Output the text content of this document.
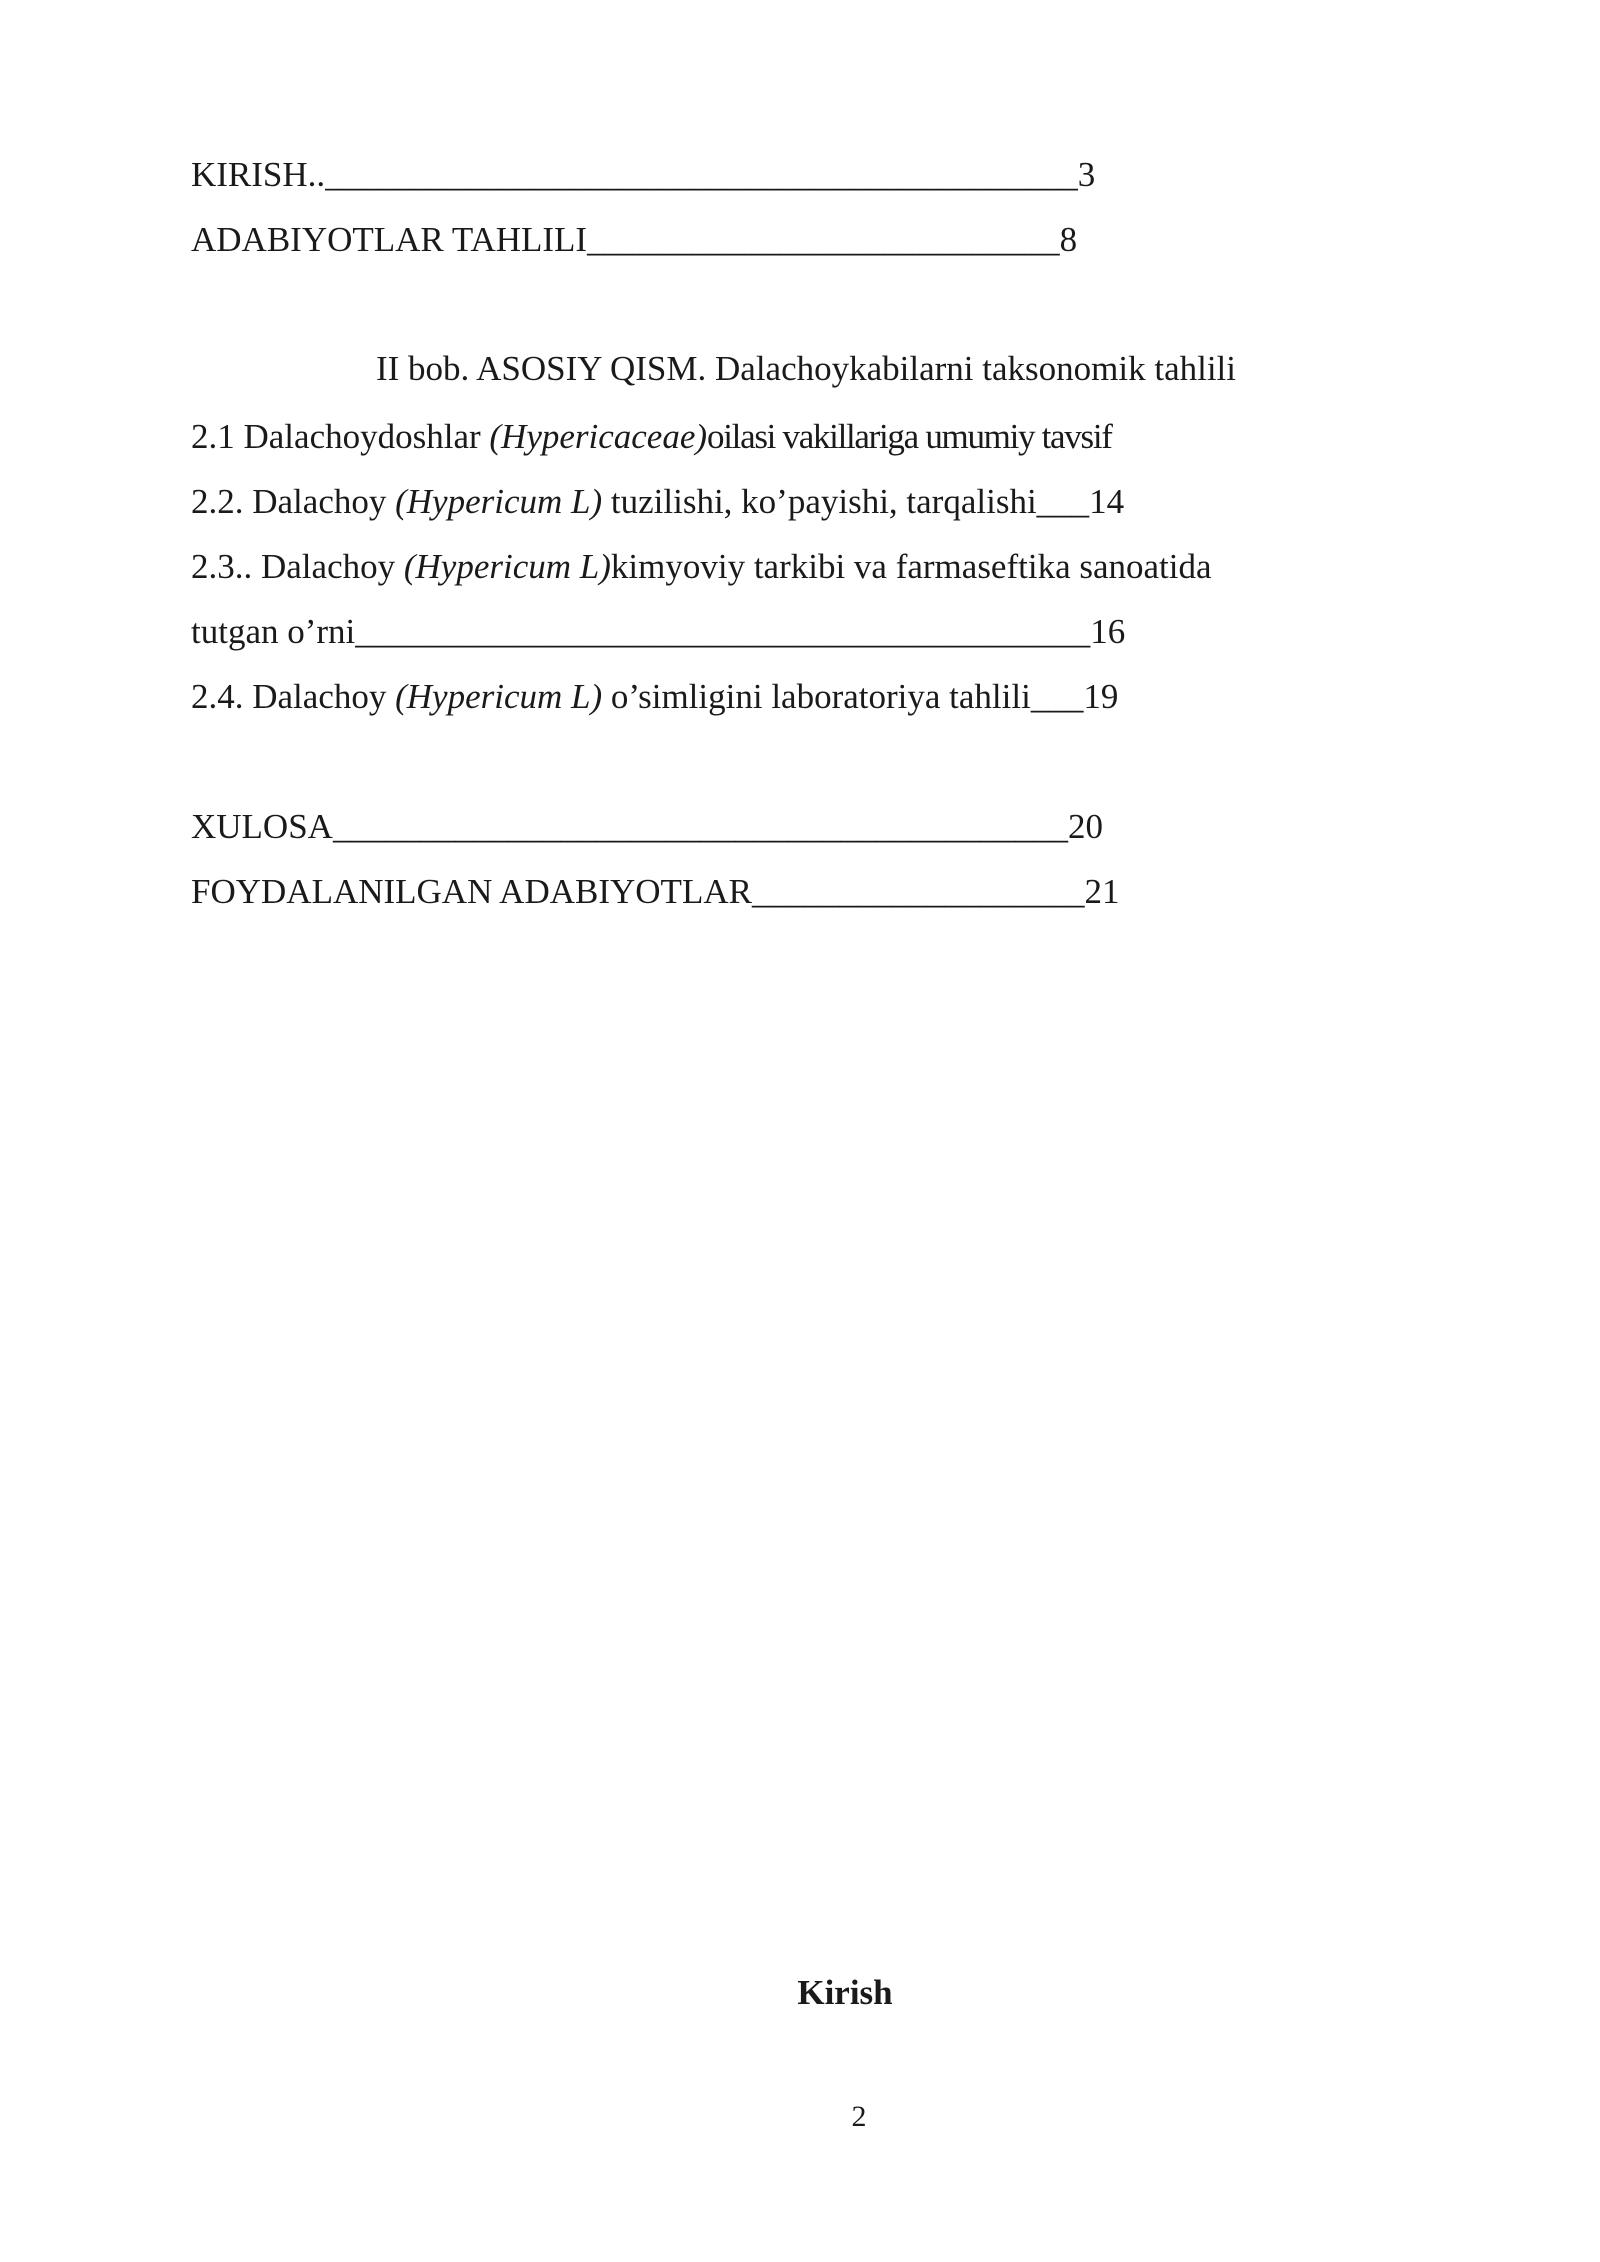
KIRISH..___________________________________________3
ADABIYOTLAR TAHLILI___________________________8
II bob. ASOSIY QISM. Dalachoykabilarni taksonomik tahlili
2.1 Dalachoydoshlar (Hypericaceae)oilasi vakillariga umumiy tavsif
2.2. Dalachoy (Hypericum L) tuzilishi, ko’payishi, tarqalishi___14
2.3.. Dalachoy (Hypericum L)kimyoviy tarkibi va farmaseftika sanoatida
tutgan o’rni__________________________________________16
2.4. Dalachoy (Hypericum L) o’simligini laboratoriya tahlili___19
XULOSA__________________________________________20
FOYDALANILGAN ADABIYOTLAR___________________21
Kirish
2
